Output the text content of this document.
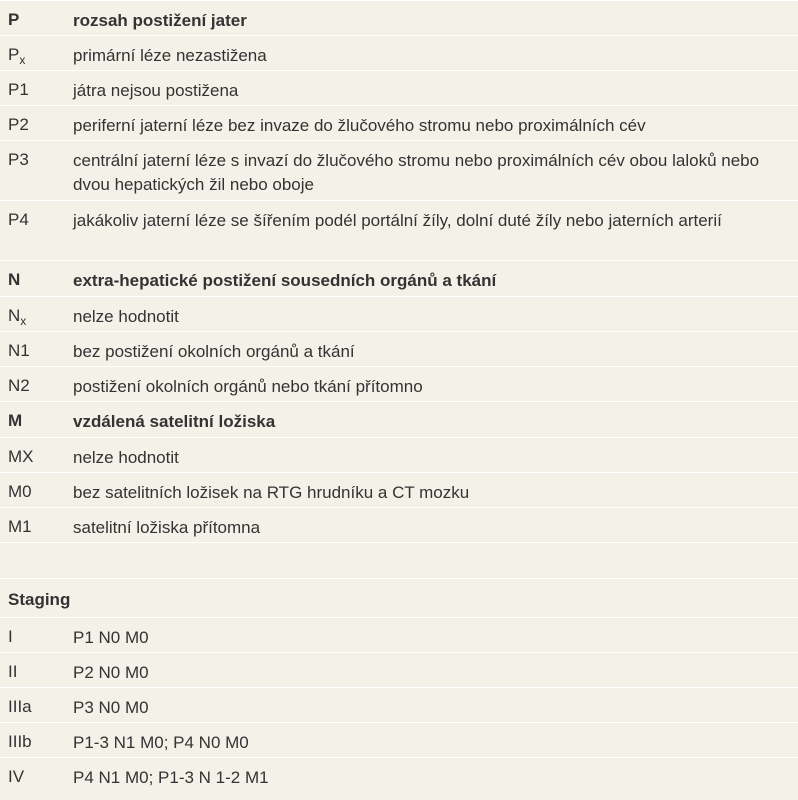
P	rozsah postižení jater
$P_x$	primární léze nezastižena
P1	játra nejsou postižena
P2	periferní jaterní léze bez invaze do žlučového stromu nebo proximálních cév
P3	centrální jaterní léze s invazí do žlučového stromu nebo proximálních cév obou laloků nebo dvou hepatických žil nebo oboje
P4	jakákoliv jaterní léze se šířením podél portální žíly, dolní duté žíly nebo jaterních arterií
N	extra-hepatické postižení sousedních orgánů a tkání
$N_x$	nelze hodnotit
N1	bez postižení okolních orgánů a tkání
N2	postižení okolních orgánů nebo tkání přítomno
M	vzdálená satelitní ložiska
MX nelze hodnotit
M0 bez satelitních ložisek na RTG hrudníku a CT mozku
M1 satelitní ložiska přítomna
Staging
I	P1 N0 M0
II	P2 N0 M0
IIIa P3 N0 M0
IIIb P1-3 N1 M0; P4 N0 M0
IV	P4 N1 M0; P1-3 N 1-2 M1
